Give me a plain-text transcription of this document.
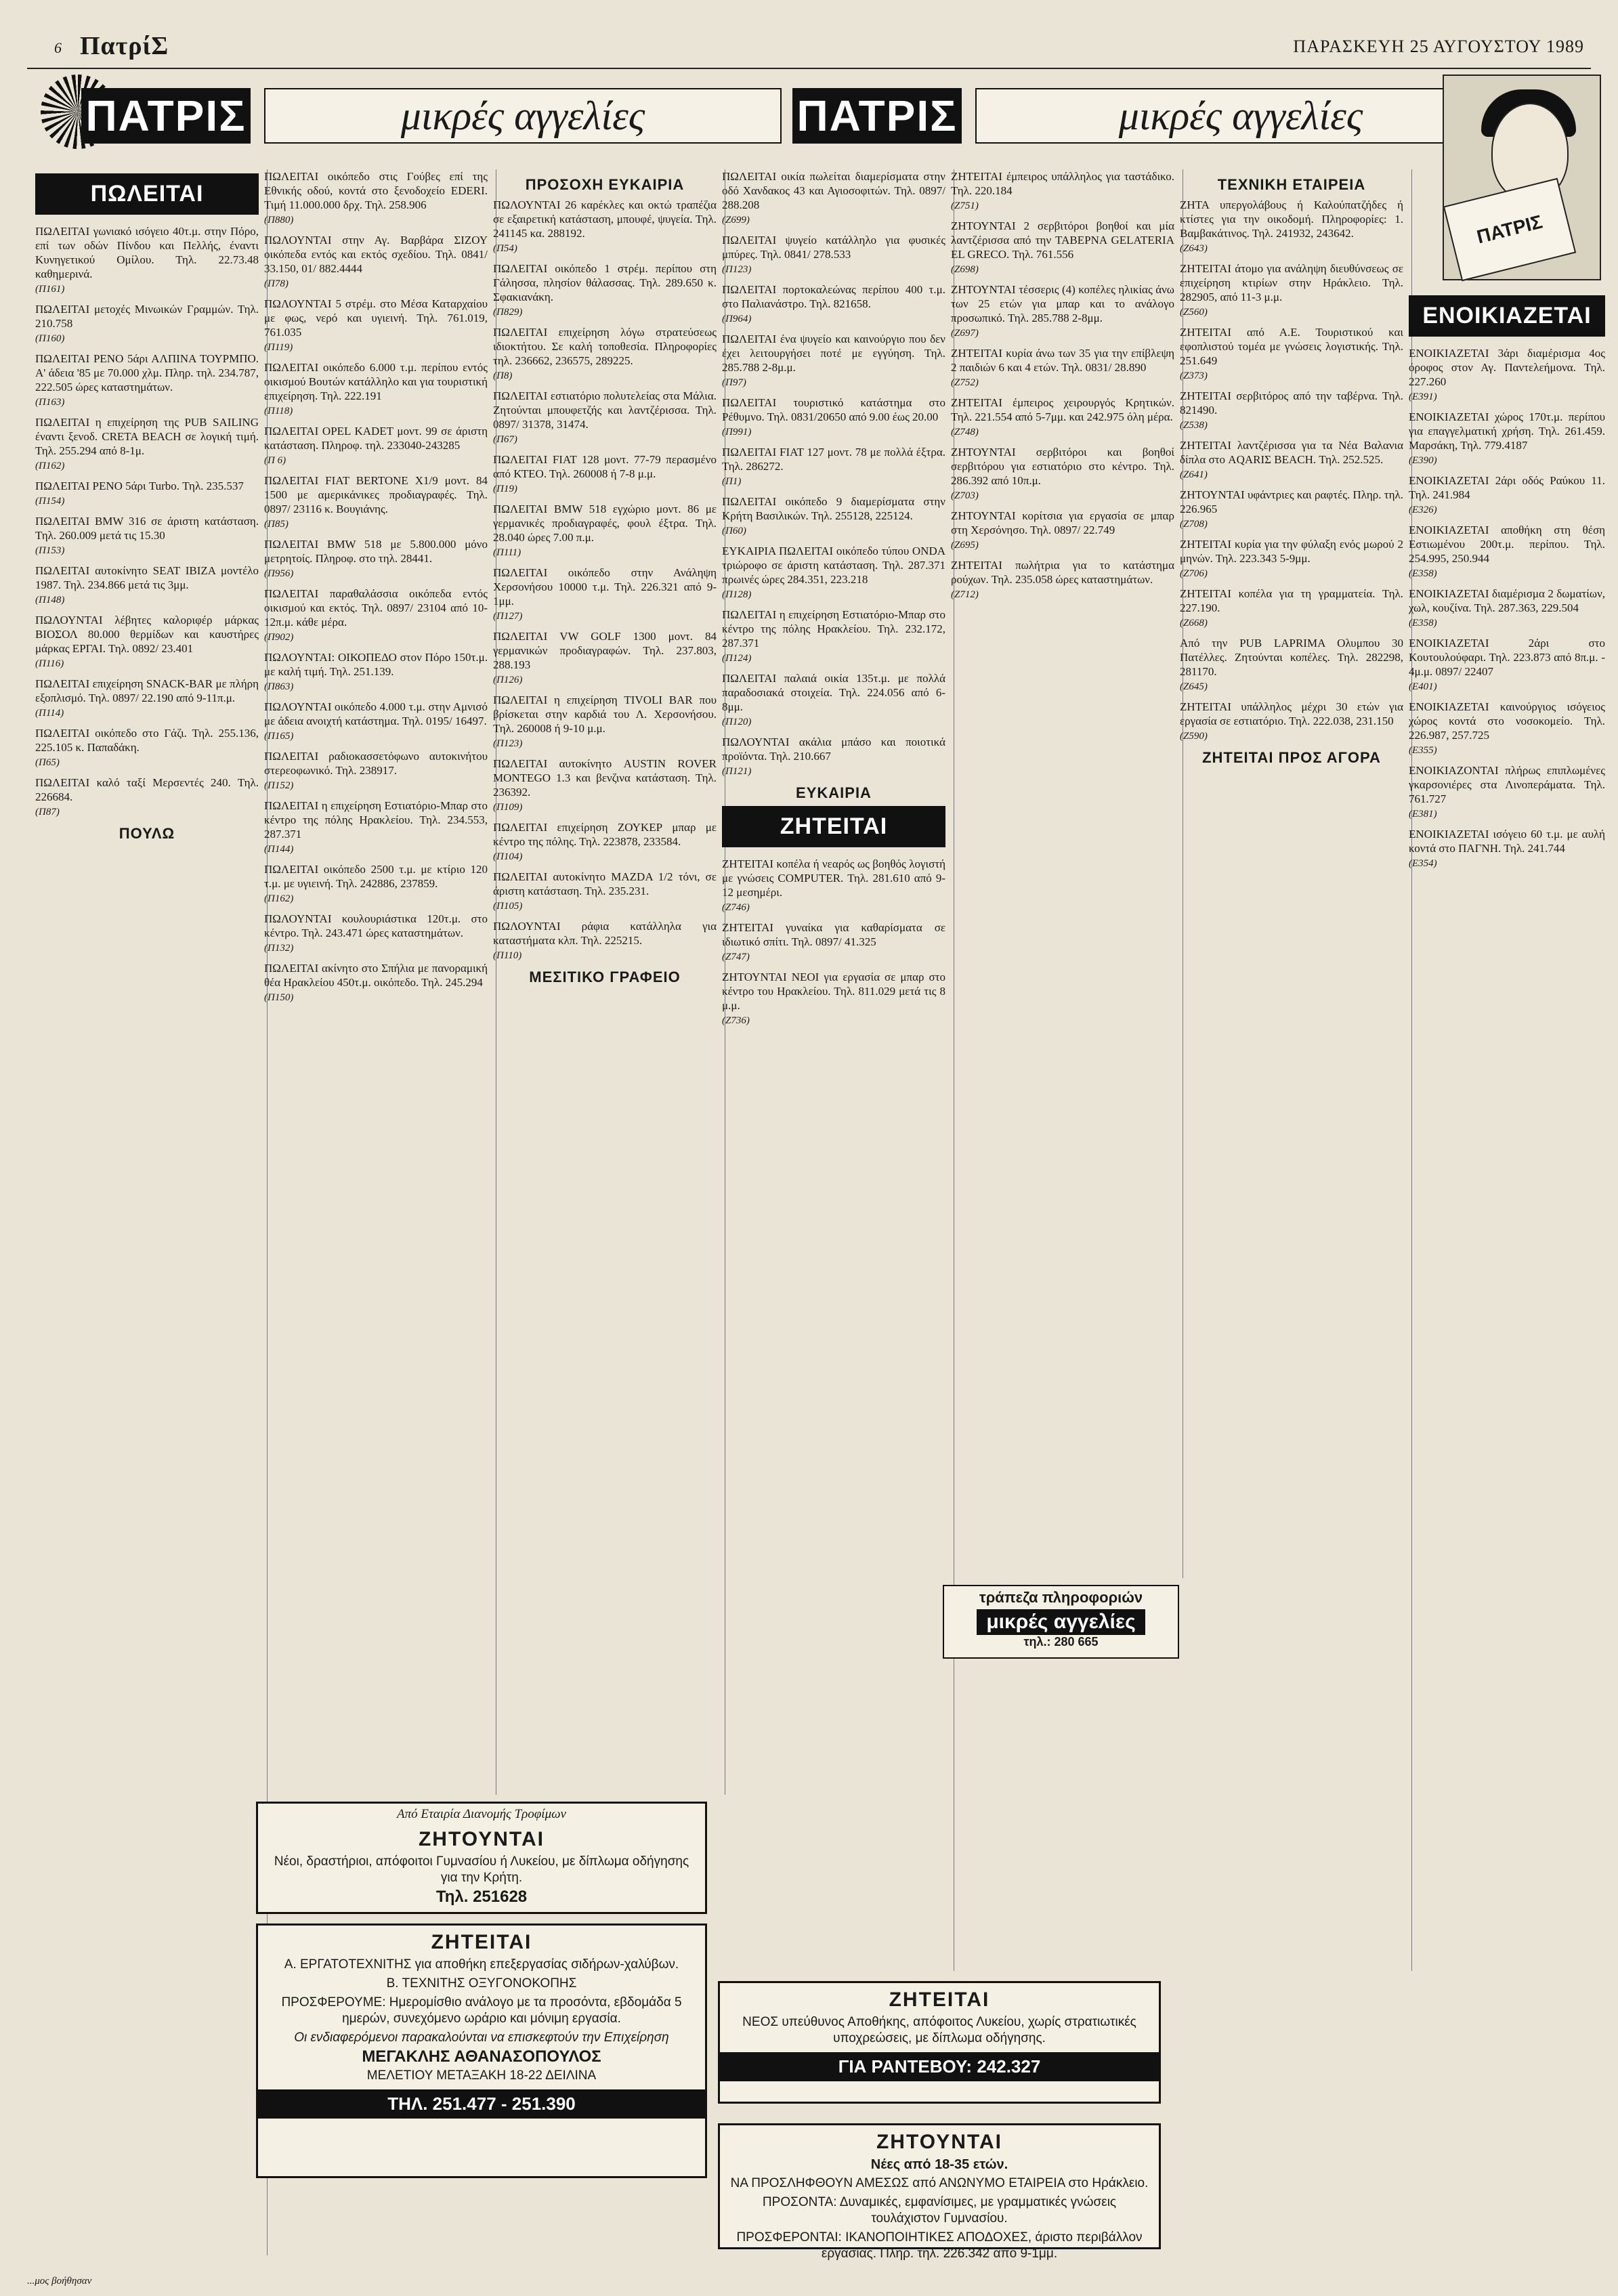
6 ΠατρίΣ	ΠΑΡΑΣΚΕΥΗ 25 ΑΥΓΟΥΣΤΟΥ 1989
ΠΑΤΡΙΣ	μικρές αγγελίες	ΠΑΤΡΙΣ	μικρές αγγελίες
ΠΑΤΡΙΣ
ΠΩΛΕΙΤΑΙ

ΠΩΛΕΙΤΑΙ γωνιακό ισόγειο 40τ.μ. στην Πόρο, επί των οδών Πίνδου και Πελλής, έναντι Κυνηγετικού Ομίλου. Τηλ. 22.73.48 καθημερινά.

(Π161)

ΠΩΛΕΙΤΑΙ μετοχές Μινωικών Γραμμών. Τηλ. 210.758

(Π160)

ΠΩΛΕΙΤΑΙ ΡΕΝΟ 5άρι ΑΛΠΙΝΑ ΤΟΥΡΜΠΟ. Α' άδεια '85 με 70.000 χλμ. Πληρ. τηλ. 234.787, 222.505 ώρες καταστημάτων.

(Π163)

ΠΩΛΕΙΤΑΙ η επιχείρηση της PUB SAILING έναντι ξενοδ. CRETA BEACH σε λογική τιμή. Τηλ. 255.294 από 8-1μ.

(Π162)

ΠΩΛΕΙΤΑΙ ΡΕΝΟ 5άρι Turbo. Τηλ. 235.537

(Π154)

ΠΩΛΕΙΤΑΙ BMW 316 σε άριστη κατάσταση. Τηλ. 260.009 μετά τις 15.30

(Π153)

ΠΩΛΕΙΤΑΙ αυτοκίνητο SEAT IBIZA μοντέλο 1987. Τηλ. 234.866 μετά τις 3μμ.

(Π148)

ΠΩΛΟΥΝΤΑΙ λέβητες καλοριφέρ μάρκας ΒΙΟΣΟΛ 80.000 θερμίδων και καυστήρες μάρκας ΕΡΓΑΙ. Τηλ. 0892/ 23.401

(Π116)

ΠΩΛΕΙΤΑΙ επιχείρηση SNACK-BAR με πλήρη εξοπλισμό. Τηλ. 0897/ 22.190 από 9-11π.μ.

(Π114)

ΠΩΛΕΙΤΑΙ οικόπεδο στο Γάζι. Τηλ. 255.136, 225.105 κ. Παπαδάκη.

(Π65)

ΠΩΛΕΙΤΑΙ καλό ταξί Μερσεντές 240. Τηλ. 226684.

(Π87)

ΠΟΥΛΩ

ΠΩΛΕΙΤΑΙ οικόπεδο στις Γούβες επί της Εθνικής οδού, κοντά στο ξενοδοχείο EDERI. Τιμή 11.000.000 δρχ. Τηλ. 258.906

(Π880)

ΠΩΛΟΥΝΤΑΙ στην Αγ. Βαρβάρα ΣΙΖΟΥ οικόπεδα εντός και εκτός σχεδίου. Τηλ. 0841/ 33.150, 01/ 882.4444

(Π78)

ΠΩΛΟΥΝΤΑΙ 5 στρέμ. στο Μέσα Καταρχαίου με φως, νερό και υγιεινή. Τηλ. 761.019, 761.035

(Π119)

ΠΩΛΕΙΤΑΙ οικόπεδο 6.000 τ.μ. περίπου εντός οικισμού Βουτών κατάλληλο και για τουριστική επιχείρηση. Τηλ. 222.191

(Π118)

ΠΩΛΕΙΤΑΙ OPEL KADET μοντ. 99 σε άριστη κατάσταση. Πληροφ. τηλ. 233040-243285

(Π 6)

ΠΩΛΕΙΤΑΙ FIAT BERTONE X1/9 μοντ. 84 1500 με αμερικάνικες προδιαγραφές. Τηλ. 0897/ 23116 κ. Βουγιάνης.

(Π85)

ΠΩΛΕΙΤΑΙ BMW 518 με 5.800.000 μόνο μετρητοίς. Πληροφ. στο τηλ. 28441.

(Π956)

ΠΩΛΕΙΤΑΙ παραθαλάσσια οικόπεδα εντός οικισμού και εκτός. Τηλ. 0897/ 23104 από 10-12π.μ. κάθε μέρα.

(Π902)

ΠΩΛΟΥΝΤΑΙ: ΟΙΚΟΠΕΔΟ στον Πόρο 150τ.μ. με καλή τιμή. Τηλ. 251.139.

(Π863)

ΠΩΛΟΥΝΤΑΙ οικόπεδο 4.000 τ.μ. στην Αμνισό με άδεια ανοιχτή κατάστημα. Τηλ. 0195/ 16497.

(Π165)

ΠΩΛΕΙΤΑΙ ραδιοκασσετόφωνο αυτοκινήτου στερεοφωνικό. Τηλ. 238917.

(Π152)

ΠΩΛΕΙΤΑΙ η επιχείρηση Εστιατόριο-Μπαρ στο κέντρο της πόλης Ηρακλείου. Τηλ. 234.553, 287.371

(Π144)

ΠΩΛΕΙΤΑΙ οικόπεδο 2500 τ.μ. με κτίριο 120 τ.μ. με υγιεινή. Τηλ. 242886, 237859.

(Π162)

ΠΩΛΟΥΝΤΑΙ κουλουριάστικα 120τ.μ. στο κέντρο. Τηλ. 243.471 ώρες καταστημάτων.

(Π132)

ΠΩΛΕΙΤΑΙ ακίνητο στο Σπήλια με πανοραμική θέα Ηρακλείου 450τ.μ. οικόπεδο. Τηλ. 245.294

(Π150)

ΠΡΟΣΟΧΗ ΕΥΚΑΙΡΙΑ

ΠΩΛΟΥΝΤΑΙ 26 καρέκλες και οκτώ τραπέζια σε εξαιρετική κατάσταση, μπουφέ, ψυγεία. Τηλ. 241145 κα. 288192.

(Π54)

ΠΩΛΕΙΤΑΙ οικόπεδο 1 στρέμ. περίπου στη Γάλησσα, πλησίον θάλασσας. Τηλ. 289.650 κ. Σφακιανάκη.

(Π829)

ΠΩΛΕΙΤΑΙ επιχείρηση λόγω στρατεύσεως ιδιοκτήτου. Σε καλή τοποθεσία. Πληροφορίες τηλ. 236662, 236575, 289225.

(Π8)

ΠΩΛΕΙΤΑΙ εστιατόριο πολυτελείας στα Μάλια. Ζητούνται μπουφετζής και λαντζέρισσα. Τηλ. 0897/ 31378, 31474.

(Π67)

ΠΩΛΕΙΤΑΙ FIAT 128 μοντ. 77-79 περασμένο από ΚΤΕΟ. Τηλ. 260008 ή 7-8 μ.μ.

(Π19)

ΠΩΛΕΙΤΑΙ BMW 518 εγχώριο μοντ. 86 με γερμανικές προδιαγραφές, φουλ έξτρα. Τηλ. 28.040 ώρες 7.00 π.μ.

(Π111)

ΠΩΛΕΙΤΑΙ οικόπεδο στην Ανάληψη Χερσονήσου 10000 τ.μ. Τηλ. 226.321 από 9-1μμ.

(Π127)

ΠΩΛΕΙΤΑΙ VW GOLF 1300 μοντ. 84 γερμανικών προδιαγραφών. Τηλ. 237.803, 288.193

(Π126)

ΠΩΛΕΙΤΑΙ η επιχείρηση TIVOLI BAR που βρίσκεται στην καρδιά του Λ. Χερσονήσου. Τηλ. 260008 ή 9-10 μ.μ.

(Π123)

ΠΩΛΕΙΤΑΙ αυτοκίνητο AUSTIN ROVER MONTEGO 1.3 και βενζινα κατάσταση. Τηλ. 236392.

(Π109)

ΠΩΛΕΙΤΑΙ επιχείρηση ΖΟΥΚΕΡ μπαρ με κέντρο της πόλης. Τηλ. 223878, 233584.

(Π104)

ΠΩΛΕΙΤΑΙ αυτοκίνητο MAZDA 1/2 τόνι, σε άριστη κατάσταση. Τηλ. 235.231.

(Π105)

ΠΩΛΟΥΝΤΑΙ ράφια κατάλληλα για καταστήματα κλπ. Τηλ. 225215.

(Π110)

ΜΕΣΙΤΙΚΟ ΓΡΑΦΕΙΟ

ΠΩΛΕΙΤΑΙ οικία πωλείται διαμερίσματα στην οδό Χανδακος 43 και Αγιοσοφιτών. Τηλ. 0897/ 288.208

(Z699)

ΠΩΛΕΙΤΑΙ ψυγείο κατάλληλο για φυσικές μπύρες. Τηλ. 0841/ 278.533

(Π123)

ΠΩΛΕΙΤΑΙ πορτοκαλεώνας περίπου 400 τ.μ. στο Παλιανάστρο. Τηλ. 821658.

(Π964)

ΠΩΛΕΙΤΑΙ ένα ψυγείο και καινούργιο που δεν έχει λειτουργήσει ποτέ με εγγύηση. Τηλ. 285.788 2-8μ.μ.

(Π97)

ΠΩΛΕΙΤΑΙ τουριστικό κατάστημα στο Ρέθυμνο. Τηλ. 0831/20650 από 9.00 έως 20.00

(Π991)

ΠΩΛΕΙΤΑΙ FIAT 127 μοντ. 78 με πολλά έξτρα. Τηλ. 286272.

(Π1)

ΠΩΛΕΙΤΑΙ οικόπεδο 9 διαμερίσματα στην Κρήτη Βασιλικών. Τηλ. 255128, 225124.

(Π60)

ΕΥΚΑΙΡΙΑ ΠΩΛΕΙΤΑΙ οικόπεδο τύπου ONDA τριώροφο σε άριστη κατάσταση. Τηλ. 287.371 πρωινές ώρες 284.351, 223.218

(Π128)

ΠΩΛΕΙΤΑΙ η επιχείρηση Εστιατόριο-Μπαρ στο κέντρο της πόλης Ηρακλείου. Τηλ. 232.172, 287.371

(Π124)

ΠΩΛΕΙΤΑΙ παλαιά οικία 135τ.μ. με πολλά παραδοσιακά στοιχεία. Τηλ. 224.056 από 6-8μμ.

(Π120)

ΠΩΛΟΥΝΤΑΙ ακάλια μπάσο και ποιοτικά προϊόντα. Τηλ. 210.667

(Π121)

ΕΥΚΑΙΡΙΑ
ΖΗΤΕΙΤΑΙ

ΖΗΤΕΙΤΑΙ κοπέλα ή νεαρός ως βοηθός λογιστή με γνώσεις COMPUTER. Τηλ. 281.610 από 9-12 μεσημέρι.

(Z746)

ΖΗΤΕΙΤΑΙ γυναίκα για καθαρίσματα σε ιδιωτικό σπίτι. Τηλ. 0897/ 41.325

(Z747)

ΖΗΤΟΥΝΤΑΙ ΝΕΟΙ για εργασία σε μπαρ στο κέντρο του Ηρακλείου. Τηλ. 811.029 μετά τις 8 μ.μ.

(Z736)

ΖΗΤΕΙΤΑΙ έμπειρος υπάλληλος για ταστάδικο. Τηλ. 220.184

(Z751)

ΖΗΤΟΥΝΤΑΙ 2 σερβιτόροι βοηθοί και μία λαντζέρισσα από την ΤΑΒΕΡΝΑ GELATERIA EL GRECO. Τηλ. 761.556

(Z698)

ΖΗΤΟΥΝΤΑΙ τέσσερις (4) κοπέλες ηλικίας άνω των 25 ετών για μπαρ και το ανάλογο προσωπικό. Τηλ. 285.788 2-8μμ.

(Z697)

ΖΗΤΕΙΤΑΙ κυρία άνω των 35 για την επίβλεψη 2 παιδιών 6 και 4 ετών. Τηλ. 0831/ 28.890

(Z752)

ΖΗΤΕΙΤΑΙ έμπειρος χειρουργός Κρητικών. Τηλ. 221.554 από 5-7μμ. και 242.975 όλη μέρα.

(Z748)

ΖΗΤΟΥΝΤΑΙ σερβιτόροι και βοηθοί σερβιτόρου για εστιατόριο στο κέντρο. Τηλ. 286.392 από 10π.μ.

(Z703)

ΖΗΤΟΥΝΤΑΙ κορίτσια για εργασία σε μπαρ στη Χερσόνησο. Τηλ. 0897/ 22.749

(Z695)

ΖΗΤΕΙΤΑΙ πωλήτρια για το κατάστημα ρούχων. Τηλ. 235.058 ώρες καταστημάτων.

(Z712)

ΤΕΧΝΙΚΗ ΕΤΑΙΡΕΙΑ

ΖΗΤΑ υπεργολάβους ή Καλούπατζήδες ή κτίστες για την οικοδομή. Πληροφορίες: 1. Βαμβακάτινος. Τηλ. 241932, 243642.

(Z643)

ΖΗΤΕΙΤΑΙ άτομο για ανάληψη διευθύνσεως σε επιχείρηση κτιρίων στην Ηράκλειο. Τηλ. 282905, από 11-3 μ.μ.

(Z560)

ΖΗΤΕΙΤΑΙ από Α.Ε. Τουριστικού και εφοπλιστού τομέα με γνώσεις λογιστικής. Τηλ. 251.649

(Z373)

ΖΗΤΕΙΤΑΙ σερβιτόρος από την ταβέρνα. Τηλ. 821490.

(Z538)

ΖΗΤΕΙΤΑΙ λαντζέρισσα για τα Νέα Βαλανια δίπλα στο AQARIΣ BEACH. Τηλ. 252.525.

(Z641)

ΖΗΤΟΥΝΤΑΙ υφάντριες και ραφτές. Πληρ. τηλ. 226.965

(Z708)

ΖΗΤΕΙΤΑΙ κυρία για την φύλαξη ενός μωρού 2 μηνών. Τηλ. 223.343 5-9μμ.

(Z706)

ΖΗΤΕΙΤΑΙ κοπέλα για τη γραμματεία. Τηλ. 227.190.

(Z668)

Από την PUB LAPRIMA Ολυμπου 30 Πατέλλες. Ζητούνται κοπέλες. Τηλ. 282298, 281170.

(Z645)

ΖΗΤΕΙΤΑΙ υπάλληλος μέχρι 30 ετών για εργασία σε εστιατόριο. Τηλ. 222.038, 231.150

(Z590)

ΖΗΤΕΙΤΑΙ ΠΡΟΣ ΑΓΟΡΑ
ΕΝΟΙΚΙΑΖΕΤΑΙ

ΕΝΟΙΚΙΑΖΕΤΑΙ 3άρι διαμέρισμα 4ος όροφος στον Αγ. Παντελεήμονα. Τηλ. 227.260

(E391)

ΕΝΟΙΚΙΑΖΕΤΑΙ χώρος 170τ.μ. περίπου για επαγγελματική χρήση. Τηλ. 261.459. Μαρσάκη, Τηλ. 779.4187

(E390)

ΕΝΟΙΚΙΑΖΕΤΑΙ 2άρι οδός Ραύκου 11. Τηλ. 241.984

(E326)

ΕΝΟΙΚΙΑΖΕΤΑΙ αποθήκη στη θέση Εστιωμένου 200τ.μ. περίπου. Τηλ. 254.995, 250.944

(E358)

ΕΝΟΙΚΙΑΖΕΤΑΙ διαμέρισμα 2 δωματίων, χωλ, κουζίνα. Τηλ. 287.363, 229.504

(E358)

ΕΝΟΙΚΙΑΖΕΤΑΙ 2άρι στο Κουτουλούφαρι. Τηλ. 223.873 από 8π.μ. - 4μ.μ. 0897/ 22407

(E401)

ΕΝΟΙΚΙΑΖΕΤΑΙ καινούργιος ισόγειος χώρος κοντά στο νοσοκομείο. Τηλ. 226.987, 257.725

(E355)

ΕΝΟΙΚΙΑΖΟΝΤΑΙ πλήρως επιπλωμένες γκαρσονιέρες στα Λινοπεράματα. Τηλ. 761.727

(E381)

ΕΝΟΙΚΙΑΖΕΤΑΙ ισόγειο 60 τ.μ. με αυλή κοντά στο ΠΑΓΝΗ. Τηλ. 241.744

(E354)

Από Εταιρία Διανομής Τροφίμων

ΖΗΤΟΥΝΤΑΙ

Νέοι, δραστήριοι, απόφοιτοι Γυμνασίου ή Λυκείου, με δίπλωμα οδήγησης για την Κρήτη.

Τηλ. 251628

ΖΗΤΕΙΤΑΙ

Α. ΕΡΓΑΤΟΤΕΧΝΙΤΗΣ για αποθήκη επεξεργασίας σιδήρων-χαλύβων.

Β. ΤΕΧΝΙΤΗΣ ΟΞΥΓΟΝΟΚΟΠΗΣ

ΠΡΟΣΦΕΡΟΥΜΕ: Ημερομίσθιο ανάλογο με τα προσόντα, εβδομάδα 5 ημερών, συνεχόμενο ωράριο και μόνιμη εργασία.

Οι ενδιαφερόμενοι παρακαλούνται να επισκεφτούν την Επιχείρηση

ΜΕΓΑΚΛΗΣ ΑΘΑΝΑΣΟΠΟΥΛΟΣ

ΜΕΛΕΤΙΟΥ ΜΕΤΑΞΑΚΗ 18-22 ΔΕΙΛΙΝΑ

ΤΗΛ. 251.477 - 251.390
ΖΗΤΕΙΤΑΙ

ΝΕΟΣ υπεύθυνος Αποθήκης, απόφοιτος Λυκείου, χωρίς στρατιωτικές υποχρεώσεις, με δίπλωμα οδήγησης.

ΓΙΑ ΡΑΝΤΕΒΟΥ: 242.327
ΖΗΤΟΥΝΤΑΙ

Νέες από 18-35 ετών.

ΝΑ ΠΡΟΣΛΗΦΘΟΥΝ ΑΜΕΣΩΣ από ΑΝΩΝΥΜΟ ΕΤΑΙΡΕΙΑ στο Ηράκλειο.

ΠΡΟΣΟΝΤΑ: Δυναμικές, εμφανίσιμες, με γραμματικές γνώσεις τουλάχιστον Γυμνασίου.

ΠΡΟΣΦΕΡΟΝΤΑΙ: ΙΚΑΝΟΠΟΙΗΤΙΚΕΣ ΑΠΟΔΟΧΕΣ, άριστο περιβάλλον εργασίας. Πληρ. τηλ. 226.342 από 9-1μμ.

τράπεζα πληροφοριών
μικρές αγγελίες
τηλ.: 280 665
...μος βοήθησαν
